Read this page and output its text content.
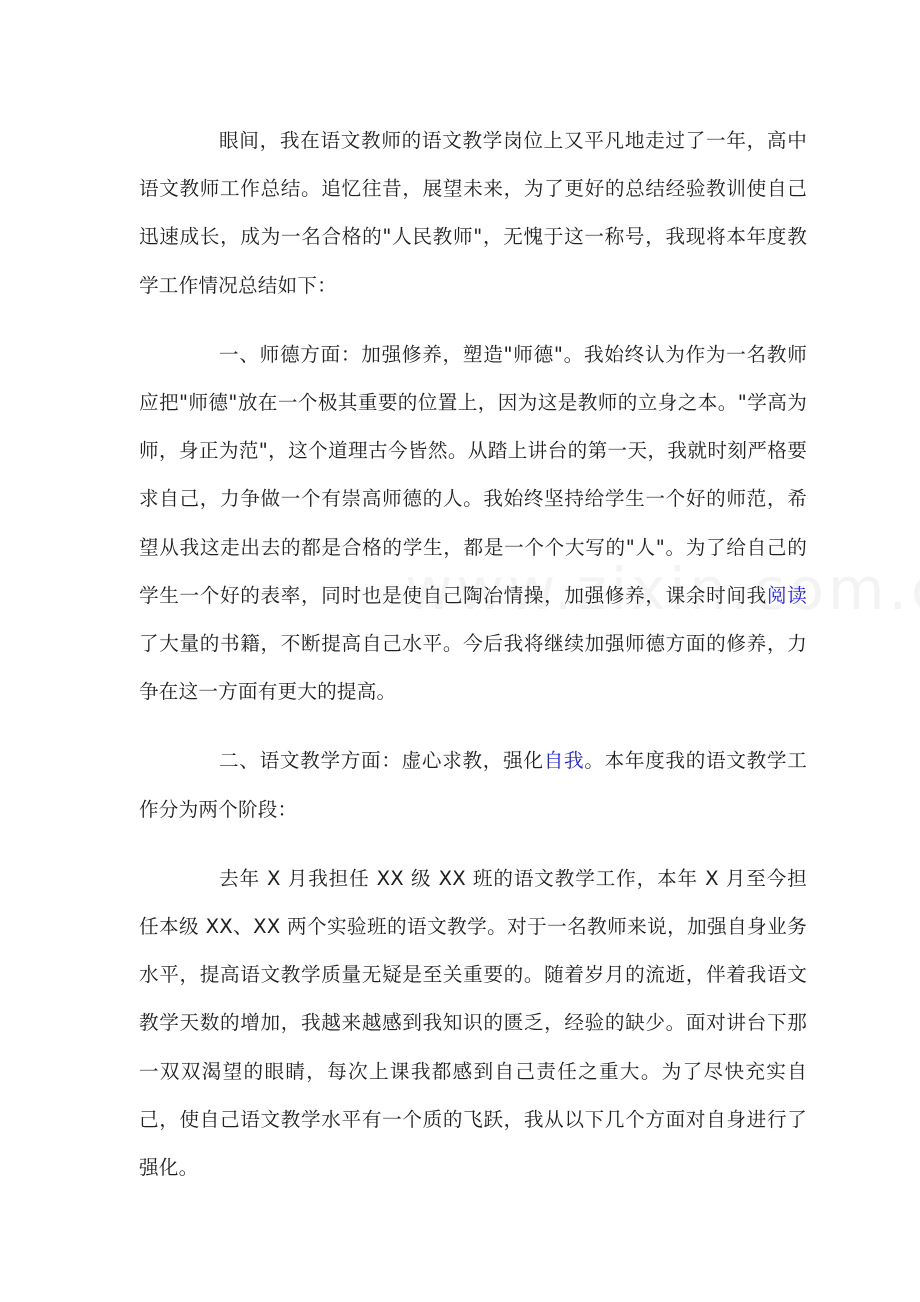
眼间，我在语文教师的语文教学岗位上又平凡地走过了一年，高中语文教师工作总结。追忆往昔，展望未来，为了更好的总结经验教训使自己迅速成长，成为一名合格的"人民教师"，无愧于这一称号，我现将本年度教学工作情况总结如下：

一、师德方面：加强修养，塑造"师德"。我始终认为作为一名教师应把"师德"放在一个极其重要的位置上，因为这是教师的立身之本。"学高为师，身正为范"，这个道理古今皆然。从踏上讲台的第一天，我就时刻严格要求自己，力争做一个有崇高师德的人。我始终坚持给学生一个好的师范，希望从我这走出去的都是合格的学生，都是一个个大写的"人"。为了给自己的学生一个好的表率，同时也是使自己陶冶情操，加强修养，课余时间我阅读了大量的书籍，不断提高自己水平。今后我将继续加强师德方面的修养，力争在这一方面有更大的提高。

二、语文教学方面：虚心求教，强化自我。本年度我的语文教学工作分为两个阶段：

去年 X 月我担任 XX 级 XX 班的语文教学工作，本年 X 月至今担任本级 XX、XX 两个实验班的语文教学。对于一名教师来说，加强自身业务水平，提高语文教学质量无疑是至关重要的。随着岁月的流逝，伴着我语文教学天数的增加，我越来越感到我知识的匮乏，经验的缺少。面对讲台下那一双双渴望的眼睛，每次上课我都感到自己责任之重大。为了尽快充实自己，使自己语文教学水平有一个质的飞跃，我从以下几个方面对自身进行了强化。
